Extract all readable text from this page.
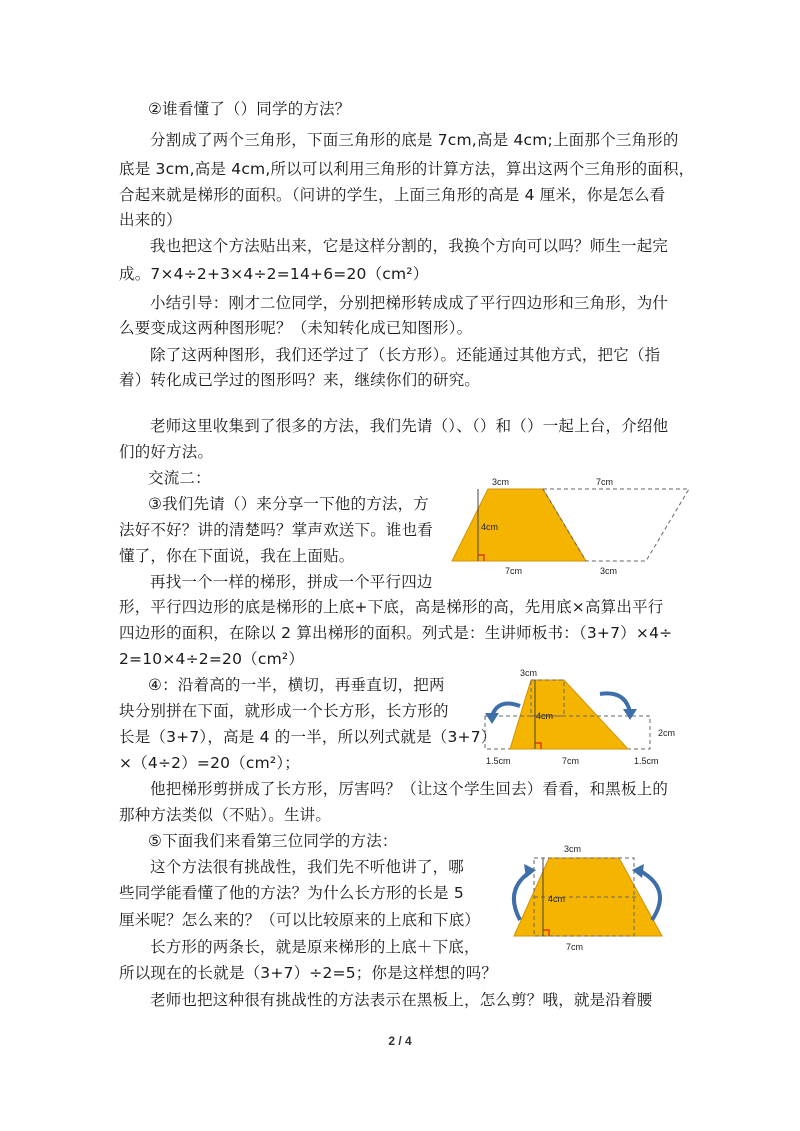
②谁看懂了（）同学的方法？
分割成了两个三角形，下面三角形的底是 7cm,高是 4cm;上面那个三角形的
底是 3cm,高是 4cm,所以可以利用三角形的计算方法，算出这两个三角形的面积，
合起来就是梯形的面积。（问讲的学生，上面三角形的高是 4 厘米，你是怎么看
出来的）
我也把这个方法贴出来，它是这样分割的，我换个方向可以吗？师生一起完
成。7×4÷2+3×4÷2=14+6=20（cm²）
小结引导：刚才二位同学，分别把梯形转成成了平行四边形和三角形，为什
么要变成这两种图形呢？（未知转化成已知图形）。
除了这两种图形，我们还学过了（长方形）。还能通过其他方式，把它（指
着）转化成已学过的图形吗？来，继续你们的研究。
老师这里收集到了很多的方法，我们先请（）、（）和（）一起上台，介绍他
们的好方法。
交流二：
③我们先请（）来分享一下他的方法，方
法好不好？讲的清楚吗？掌声欢送下。谁也看
懂了，你在下面说，我在上面贴。
再找一个一样的梯形，拼成一个平行四边
形，平行四边形的底是梯形的上底+下底，高是梯形的高，先用底×高算出平行
四边形的面积，在除以 2 算出梯形的面积。列式是：生讲师板书：（3+7）×4÷
2=10×4÷2=20（cm²）
④：沿着高的一半，横切，再垂直切，把两
块分别拼在下面，就形成一个长方形，长方形的
长是（3+7），高是 4 的一半，所以列式就是（3+7）
×（4÷2）=20（cm²）；
他把梯形剪拼成了长方形，厉害吗？（让这个学生回去）看看，和黑板上的
那种方法类似（不贴）。生讲。
⑤下面我们来看第三位同学的方法：
这个方法很有挑战性，我们先不听他讲了，哪
些同学能看懂了他的方法？为什么长方形的长是 5
厘米呢？怎么来的？（可以比较原来的上底和下底）
长方形的两条长，就是原来梯形的上底＋下底，
所以现在的长就是（3+7）÷2=5；你是这样想的吗？
老师也把这种很有挑战性的方法表示在黑板上，怎么剪？哦，就是沿着腰
3cm	7cm
4cm
7cm	3cm
3cm
4cm
2cm
1.5cm	7cm	1.5cm
3cm
4cm
7cm
2 / 4
